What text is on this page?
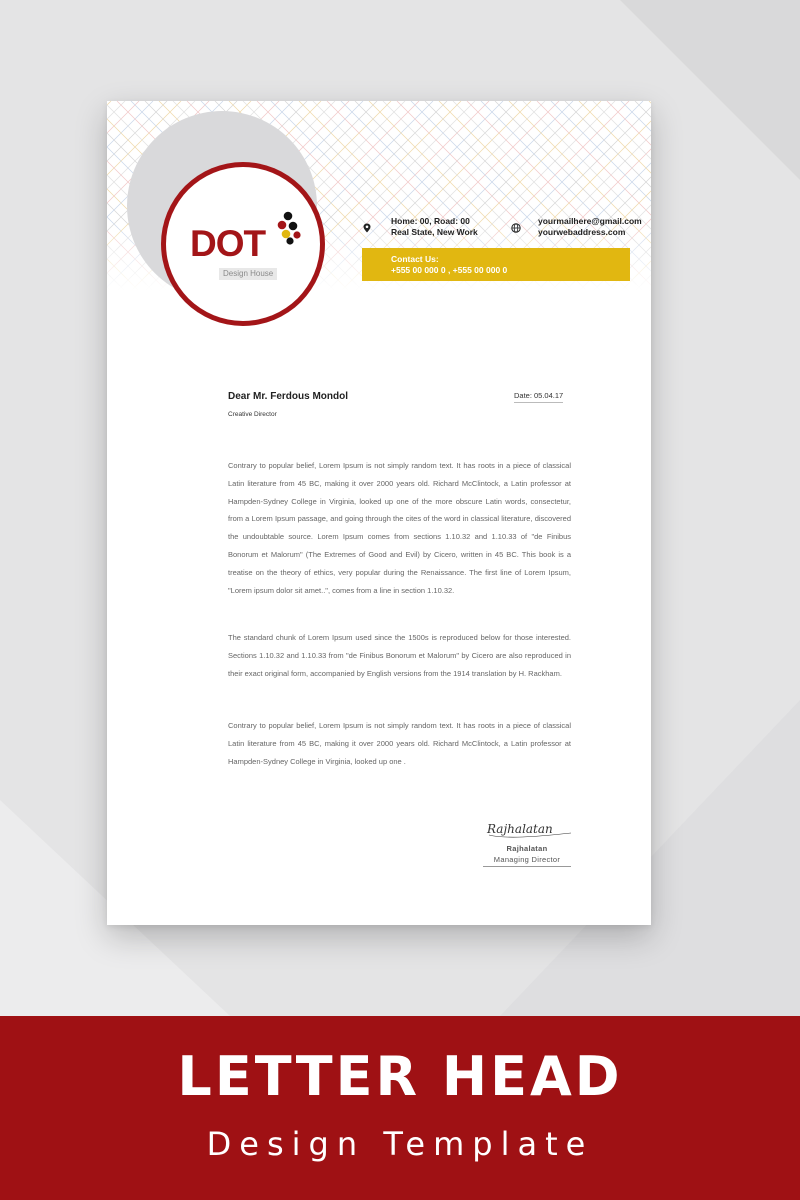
DOT
Design House
Home: 00, Road: 00
Real State, New Work
yourmailhere@gmail.com
yourwebaddress.com
Contact Us:
+555 00 000 0 , +555 00 000 0
Dear Mr. Ferdous Mondol
Creative Director
Date: 05.04.17

Contrary to popular belief, Lorem Ipsum is not simply random text. It has roots in a piece of classical Latin literature from 45 BC, making it over 2000 years old. Richard McClintock, a Latin professor at Hampden-Sydney College in Virginia, looked up one of the more obscure Latin words, consectetur, from a Lorem Ipsum passage, and going through the cites of the word in classical literature, discovered the undoubtable source. Lorem Ipsum comes from sections 1.10.32 and 1.10.33 of "de Finibus Bonorum et Malorum" (The Extremes of Good and Evil) by Cicero, written in 45 BC. This book is a treatise on the theory of ethics, very popular during the Renaissance. The first line of Lorem Ipsum, "Lorem ipsum dolor sit amet..", comes from a line in section 1.10.32.

The standard chunk of Lorem Ipsum used since the 1500s is reproduced below for those interested. Sections 1.10.32 and 1.10.33 from "de Finibus Bonorum et Malorum" by Cicero are also reproduced in their exact original form, accompanied by English versions from the 1914 translation by H. Rackham.

Contrary to popular belief, Lorem Ipsum is not simply random text. It has roots in a piece of classical Latin literature from 45 BC, making it over 2000 years old. Richard McClintock, a Latin professor at Hampden-Sydney College in Virginia, looked up one .

Rajhalatan
Rajhalatan
Managing Director
LETTER HEAD
Design Template
